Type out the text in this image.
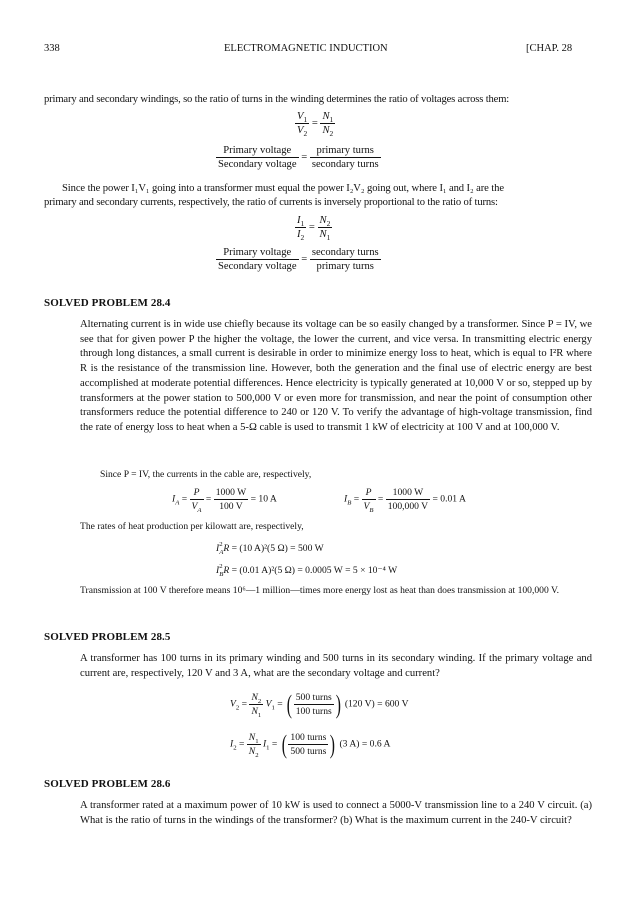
338	ELECTROMAGNETIC INDUCTION	[CHAP. 28
primary and secondary windings, so the ratio of turns in the winding determines the ratio of voltages across them:
$\frac{V_1}{V_2} = \frac{N_1}{N_2}$
$\frac{\text{Primary voltage}}{\text{Secondary voltage}} = \frac{\text{primary turns}}{\text{secondary turns}}$
Since the power I₁V₁ going into a transformer must equal the power I₂V₂ going out, where I₁ and I₂ are the
primary and secondary currents, respectively, the ratio of currents is inversely proportional to the ratio of turns:
$\frac{I_1}{I_2} = \frac{N_2}{N_1}$
$\frac{\text{Primary voltage}}{\text{Secondary voltage}} = \frac{\text{secondary turns}}{\text{primary turns}}$
SOLVED PROBLEM 28.4
Alternating current is in wide use chiefly because its voltage can be so easily changed by a transformer. Since P = IV, we see that for given power P the higher the voltage, the lower the current, and vice versa. In transmitting electric energy through long distances, a small current is desirable in order to minimize energy loss to heat, which is equal to I²R where R is the resistance of the transmission line. However, both the generation and the final use of electric energy are best accomplished at moderate potential differences. Hence electricity is typically generated at 10,000 V or so, stepped up by transformers at the power station to 500,000 V or even more for transmission, and near the point of consumption other transformers reduce the potential difference to 240 or 120 V. To verify the advantage of high-voltage transmission, find the rate of energy loss to heat when a 5-Ω cable is used to transmit 1 kW of electricity at 100 V and at 100,000 V.
Since P = IV, the currents in the cable are, respectively,
$I_A = \frac{P}{V_A} = \frac{1000 W}{100 V} = 10$ A	$I_B = \frac{P}{V_B} = \frac{1000 W}{100,000 V} = 0.01$ A
The rates of heat production per kilowatt are, respectively,
I2
AR = (10 A)²(5 Ω) = 500 W
I2
BR = (0.01 A)²(5 Ω) = 0.0005 W = 5 × 10⁻⁴ W
Transmission at 100 V therefore means 10⁶—1 million—times more energy lost as heat than does transmission at 100,000 V.
SOLVED PROBLEM 28.5
A transformer has 100 turns in its primary winding and 500 turns in its secondary winding. If the primary voltage and current are, respectively, 120 V and 3 A, what are the secondary voltage and current?
$V_2 = \frac{N_2}{N_1} V_1$ = ( $\frac{\text{500 turns}}{\text{100 turns}}$ ) (120 V) = 600 V
$I_2 = \frac{N_1}{N_2} I_1$ = ( $\frac{\text{100 turns}}{\text{500 turns}}$ ) (3 A) = 0.6 A
SOLVED PROBLEM 28.6
A transformer rated at a maximum power of 10 kW is used to connect a 5000-V transmission line to a 240 V circuit. (a) What is the ratio of turns in the windings of the transformer? (b) What is the maximum current in the 240-V circuit?
